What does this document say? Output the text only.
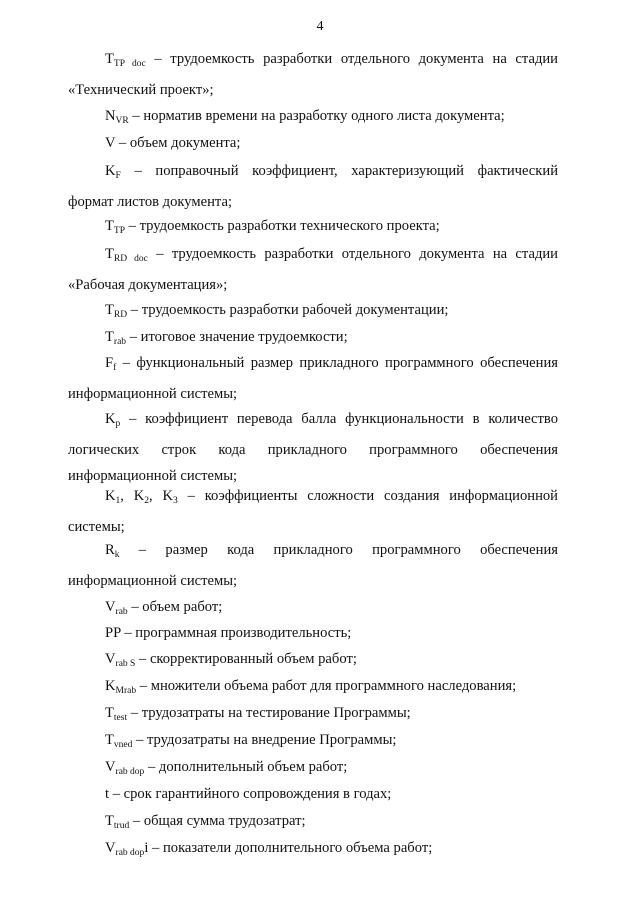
4
$T_{TP doc}$ – трудоемкость разработки отдельного документа на стадии
«Технический проект»;
$N_{VR}$ – норматив времени на разработку одного листа документа;
V – объем документа;
$K_F$ – поправочный коэффициент, характеризующий фактический
формат листов документа;
$T_{TP}$ – трудоемкость разработки технического проекта;
$T_{RD doc}$ – трудоемкость разработки отдельного документа на стадии
«Рабочая документация»;
$T_{RD}$ – трудоемкость разработки рабочей документации;
$T_{rab}$ – итоговое значение трудоемкости;
$F_f$ – функциональный размер прикладного программного обеспечения
информационной системы;
$K_p$ – коэффициент перевода балла функциональности в количество
логических строк кода прикладного программного обеспечения
информационной системы;
$K_1$, $K_2$, $K_3$ – коэффициенты сложности создания информационной
системы;
$R_k$ – размер кода прикладного программного обеспечения
информационной системы;
$V_{rab}$ – объем работ;
PP – программная производительность;
$V_{rab S}$ – скорректированный объем работ;
$K_{Mrab}$ – множители объема работ для программного наследования;
$T_{test}$ – трудозатраты на тестирование Программы;
$T_{vned}$ – трудозатраты на внедрение Программы;
$V_{rab dop}$ – дополнительный объем работ;
t – срок гарантийного сопровождения в годах;
$T_{trud}$ – общая сумма трудозатрат;
$V_{rab dop}i$ – показатели дополнительного объема работ;
